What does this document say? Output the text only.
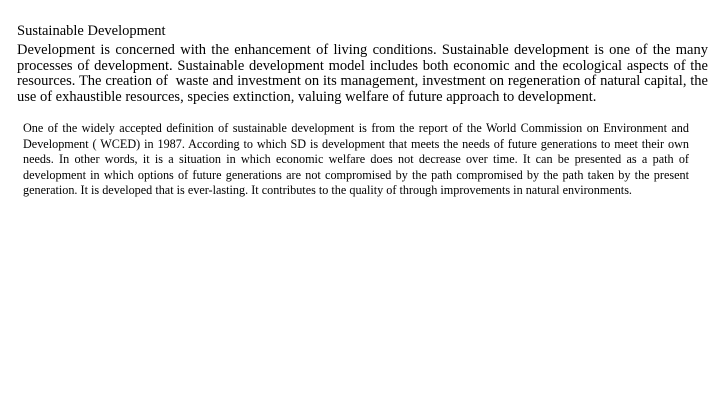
Sustainable Development

Development is concerned with the enhancement of living conditions. Sustainable development is one of the many processes of development. Sustainable development model includes both economic and the ecological aspects of the resources. The creation of  waste and investment on its management, investment on regeneration of natural capital, the use of exhaustible resources, species extinction, valuing welfare of future approach to development.

One of the widely accepted definition of sustainable development is from the report of the World Commission on Environment and Development ( WCED) in 1987. According to which SD is development that meets the needs of future generations to meet their own needs. In other words, it is a situation in which economic welfare does not decrease over time. It can be presented as a path of development in which options of future generations are not compromised by the path compromised by the path taken by the present generation. It is developed that is ever-lasting. It contributes to the quality of through improvements in natural environments.
